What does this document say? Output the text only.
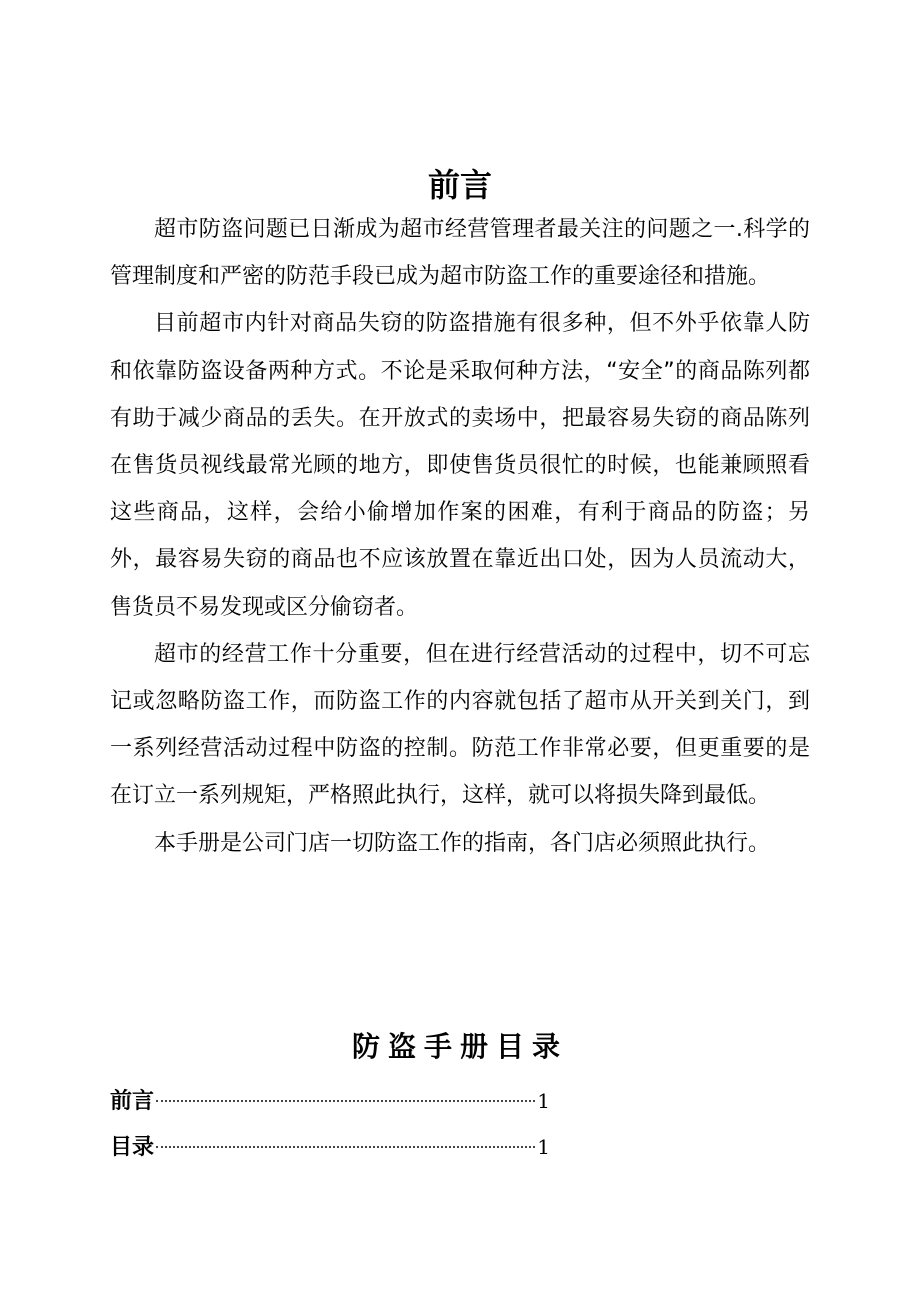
前言

超市防盗问题已日渐成为超市经营管理者最关注的问题之一.科学的管理制度和严密的防范手段已成为超市防盗工作的重要途径和措施。

目前超市内针对商品失窃的防盗措施有很多种，但不外乎依靠人防和依靠防盗设备两种方式。不论是采取何种方法，“安全”的商品陈列都有助于减少商品的丢失。在开放式的卖场中，把最容易失窃的商品陈列在售货员视线最常光顾的地方，即使售货员很忙的时候，也能兼顾照看这些商品，这样，会给小偷增加作案的困难，有利于商品的防盗；另外，最容易失窃的商品也不应该放置在靠近出口处，因为人员流动大，售货员不易发现或区分偷窃者。

超市的经营工作十分重要，但在进行经营活动的过程中，切不可忘记或忽略防盗工作，而防盗工作的内容就包括了超市从开关到关门，到一系列经营活动过程中防盗的控制。防范工作非常必要，但更重要的是在订立一系列规矩，严格照此执行，这样，就可以将损失降到最低。

本手册是公司门店一切防盗工作的指南，各门店必须照此执行。

防盗手册目录
前言	1
目录	1
